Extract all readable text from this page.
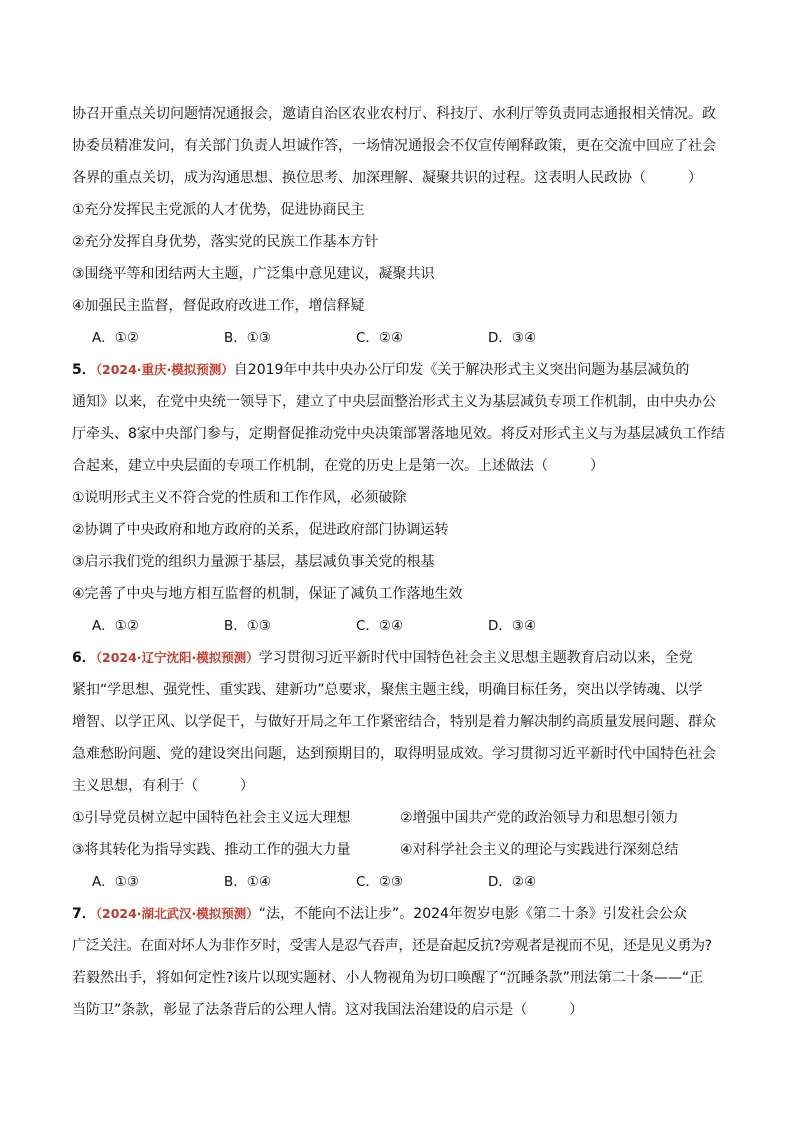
协召开重点关切问题情况通报会，邀请自治区农业农村厅、科技厅、水利厅等负责同志通报相关情况。政
协委员精准发问，有关部门负责人坦诚作答，一场情况通报会不仅宣传阐释政策，更在交流中回应了社会
各界的重点关切，成为沟通思想、换位思考、加深理解、凝聚共识的过程。这表明人民政协（　　　）
①充分发挥民主党派的人才优势，促进协商民主
②充分发挥自身优势，落实党的民族工作基本方针
③围绕平等和团结两大主题，广泛集中意见建议，凝聚共识
④加强民主监督，督促政府改进工作，增信释疑
A．①②	B．①③	C．②④	D．③④
5．（2024·重庆·模拟预测）自2019年中共中央办公厅印发《关于解决形式主义突出问题为基层减负的
通知》以来，在党中央统一领导下，建立了中央层面整治形式主义为基层减负专项工作机制，由中央办公
厅牵头、8家中央部门参与，定期督促推动党中央决策部署落地见效。将反对形式主义与为基层减负工作结
合起来，建立中央层面的专项工作机制，在党的历史上是第一次。上述做法（　　　）
①说明形式主义不符合党的性质和工作作风，必须破除
②协调了中央政府和地方政府的关系，促进政府部门协调运转
③启示我们党的组织力量源于基层，基层减负事关党的根基
④完善了中央与地方相互监督的机制，保证了减负工作落地生效
A．①②	B．①③	C．②④	D．③④
6．（2024·辽宁沈阳·模拟预测）学习贯彻习近平新时代中国特色社会主义思想主题教育启动以来，全党
紧扣“学思想、强党性、重实践、建新功”总要求，聚焦主题主线，明确目标任务，突出以学铸魂、以学
增智、以学正风、以学促干，与做好开局之年工作紧密结合，特别是着力解决制约高质量发展问题、群众
急难愁盼问题、党的建设突出问题，达到预期目的，取得明显成效。学习贯彻习近平新时代中国特色社会
主义思想，有利于（　　　）
①引导党员树立起中国特色社会主义远大理想	②增强中国共产党的政治领导力和思想引领力
③将其转化为指导实践、推动工作的强大力量	④对科学社会主义的理论与实践进行深刻总结
A．①③	B．①④	C．②③	D．②④
7．（2024·湖北武汉·模拟预测）“法，不能向不法让步”。2024年贺岁电影《第二十条》引发社会公众
广泛关注。在面对坏人为非作歹时，受害人是忍气吞声，还是奋起反抗?旁观者是视而不见，还是见义勇为?
若毅然出手，将如何定性?该片以现实题材、小人物视角为切口唤醒了“沉睡条款”刑法第二十条——“正
当防卫”条款，彰显了法条背后的公理人情。这对我国法治建设的启示是（　　　）
